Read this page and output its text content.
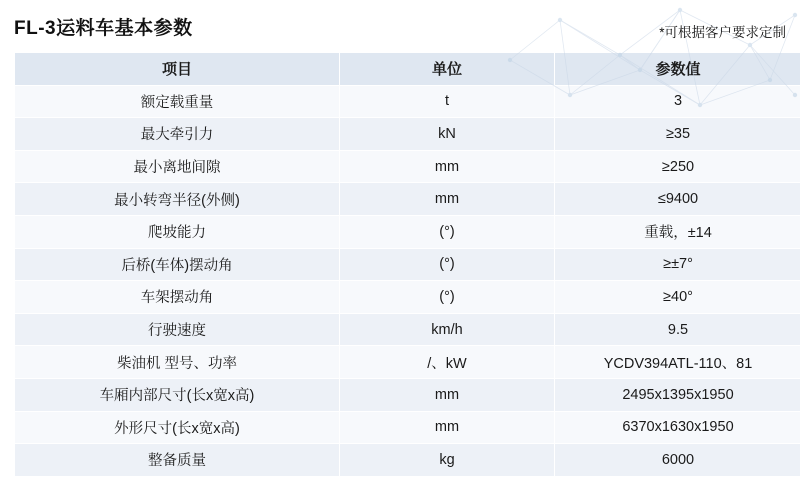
FL-3运料车基本参数	*可根据客户要求定制
项目	单位	参数值
额定载重量	t	3
最大牵引力	kN	≥35
最小离地间隙	mm	≥250
最小转弯半径(外侧)	mm	≤9400
爬坡能力	(°)	重载，±14
后桥(车体)摆动角	(°)	≥±7°
车架摆动角	(°)	≥40°
行驶速度	km/h	9.5
柴油机 型号、功率	/、kW	YCDV394ATL-110、81
车厢内部尺寸(长x宽x高)	mm	2495x1395x1950
外形尺寸(长x宽x高)	mm	6370x1630x1950
整备质量	kg	6000
